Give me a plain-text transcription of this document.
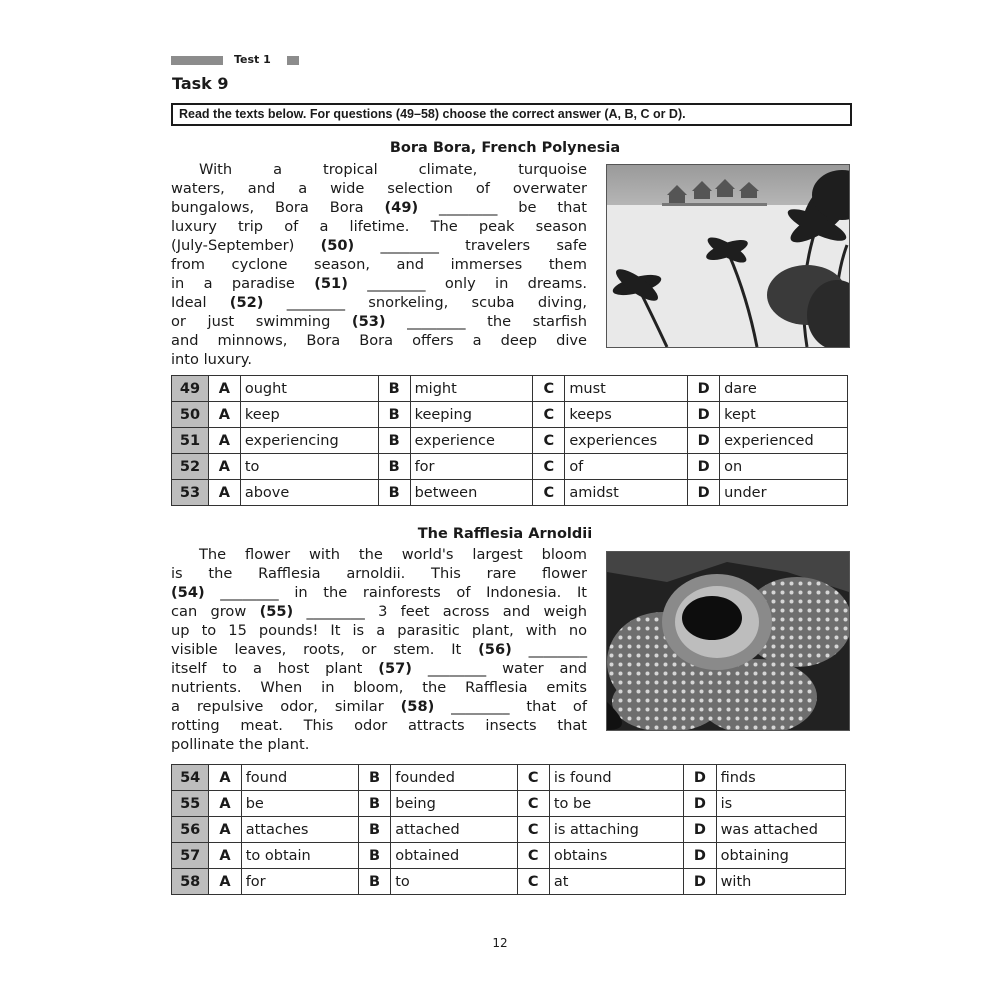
Test 1
Task 9
Read the texts below. For questions (49–58) choose the correct answer (A, B, C or D).
Bora Bora, French Polynesia
With a tropical climate, turquoise
waters, and a wide selection of overwater
bungalows, Bora Bora (49) ________ be that
luxury trip of a lifetime. The peak season
(July-September) (50) ________ travelers safe
from cyclone season, and immerses them
in a paradise (51) ________ only in dreams.
Ideal (52) ________ snorkeling, scuba diving,
or just swimming (53) ________ the starfish
and minnows, Bora Bora offers a deep dive
into luxury.
49	A	ought	B	might	C	must	D	dare
50	A	keep	B	keeping	C	keeps	D	kept
51	A	experiencing	B	experience	C	experiences	D	experienced
52	A	to	B	for	C	of	D	on
53	A	above	B	between	C	amidst	D	under
The Rafflesia Arnoldii
The flower with the world's largest bloom
is the Rafflesia arnoldii. This rare flower
(54) ________ in the rainforests of Indonesia. It
can grow (55) ________ 3 feet across and weigh
up to 15 pounds! It is a parasitic plant, with no
visible leaves, roots, or stem. It (56) ________
itself to a host plant (57) ________ water and
nutrients. When in bloom, the Rafflesia emits
a repulsive odor, similar (58) ________ that of
rotting meat. This odor attracts insects that
pollinate the plant.
54	A	found	B	founded	C	is found	D	finds
55	A	be	B	being	C	to be	D	is
56	A	attaches	B	attached	C	is attaching	D	was attached
57	A	to obtain	B	obtained	C	obtains	D	obtaining
58	A	for	B	to	C	at	D	with
12
